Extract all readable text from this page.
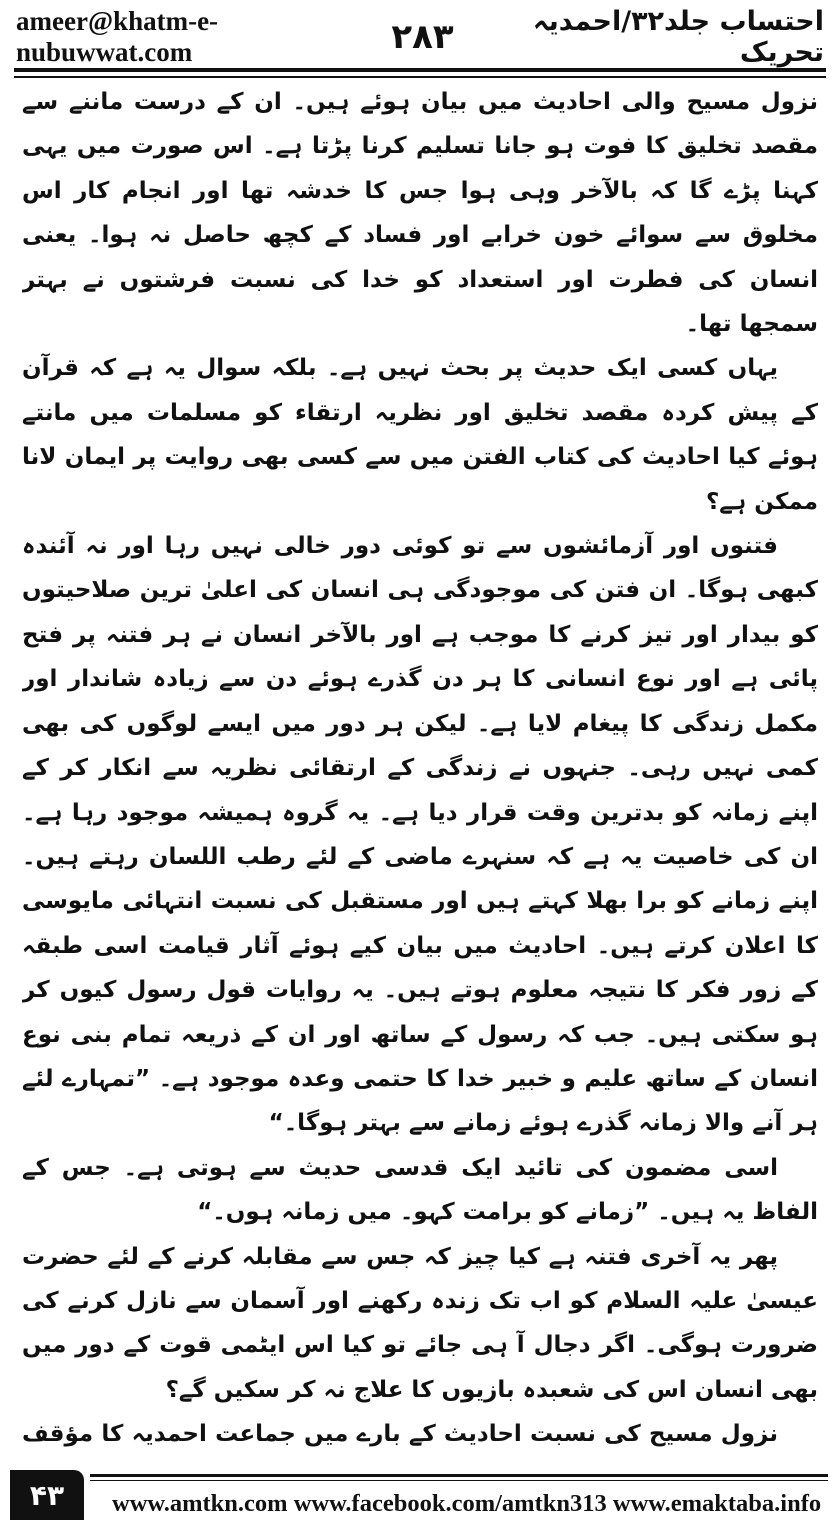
ameer@khatm-e-nubuwwat.com	۲۸۳	احتساب جلد۳۲/احمدیہ تحریک

نزول مسیح والی احادیث میں بیان ہوئے ہیں۔ ان کے درست ماننے سے مقصد تخلیق کا فوت ہو جانا تسلیم کرنا پڑتا ہے۔ اس صورت میں یہی کہنا پڑے گا کہ بالآخر وہی ہوا جس کا خدشہ تھا اور انجام کار اس مخلوق سے سوائے خون خرابے اور فساد کے کچھ حاصل نہ ہوا۔ یعنی انسان کی فطرت اور استعداد کو خدا کی نسبت فرشتوں نے بہتر سمجھا تھا۔

یہاں کسی ایک حدیث پر بحث نہیں ہے۔ بلکہ سوال یہ ہے کہ قرآن کے پیش کردہ مقصد تخلیق اور نظریہ ارتقاء کو مسلمات میں مانتے ہوئے کیا احادیث کی کتاب الفتن میں سے کسی بھی روایت پر ایمان لانا ممکن ہے؟

فتنوں اور آزمائشوں سے تو کوئی دور خالی نہیں رہا اور نہ آئندہ کبھی ہوگا۔ ان فتن کی موجودگی ہی انسان کی اعلیٰ ترین صلاحیتوں کو بیدار اور تیز کرنے کا موجب ہے اور بالآخر انسان نے ہر فتنہ پر فتح پائی ہے اور نوع انسانی کا ہر دن گذرے ہوئے دن سے زیادہ شاندار اور مکمل زندگی کا پیغام لایا ہے۔ لیکن ہر دور میں ایسے لوگوں کی بھی کمی نہیں رہی۔ جنہوں نے زندگی کے ارتقائی نظریہ سے انکار کر کے اپنے زمانہ کو بدترین وقت قرار دیا ہے۔ یہ گروہ ہمیشہ موجود رہا ہے۔ ان کی خاصیت یہ ہے کہ سنہرے ماضی کے لئے رطب اللسان رہتے ہیں۔ اپنے زمانے کو برا بھلا کہتے ہیں اور مستقبل کی نسبت انتہائی مایوسی کا اعلان کرتے ہیں۔ احادیث میں بیان کیے ہوئے آثار قیامت اسی طبقہ کے زور فکر کا نتیجہ معلوم ہوتے ہیں۔ یہ روایات قول رسول کیوں کر ہو سکتی ہیں۔ جب کہ رسول کے ساتھ اور ان کے ذریعہ تمام بنی نوع انسان کے ساتھ علیم و خبیر خدا کا حتمی وعدہ موجود ہے۔ ”تمہارے لئے ہر آنے والا زمانہ گذرے ہوئے زمانے سے بہتر ہوگا۔“

اسی مضمون کی تائید ایک قدسی حدیث سے ہوتی ہے۔ جس کے الفاظ یہ ہیں۔ ”زمانے کو برامت کہو۔ میں زمانہ ہوں۔“

پھر یہ آخری فتنہ ہے کیا چیز کہ جس سے مقابلہ کرنے کے لئے حضرت عیسیٰ علیہ السلام کو اب تک زندہ رکھنے اور آسمان سے نازل کرنے کی ضرورت ہوگی۔ اگر دجال آ ہی جائے تو کیا اس ایٹمی قوت کے دور میں بھی انسان اس کی شعبدہ بازیوں کا علاج نہ کر سکیں گے؟

نزول مسیح کی نسبت احادیث کے بارے میں جماعت احمدیہ کا مؤقف

۴۳	www.amtkn.com www.facebook.com/amtkn313 www.emaktaba.info
